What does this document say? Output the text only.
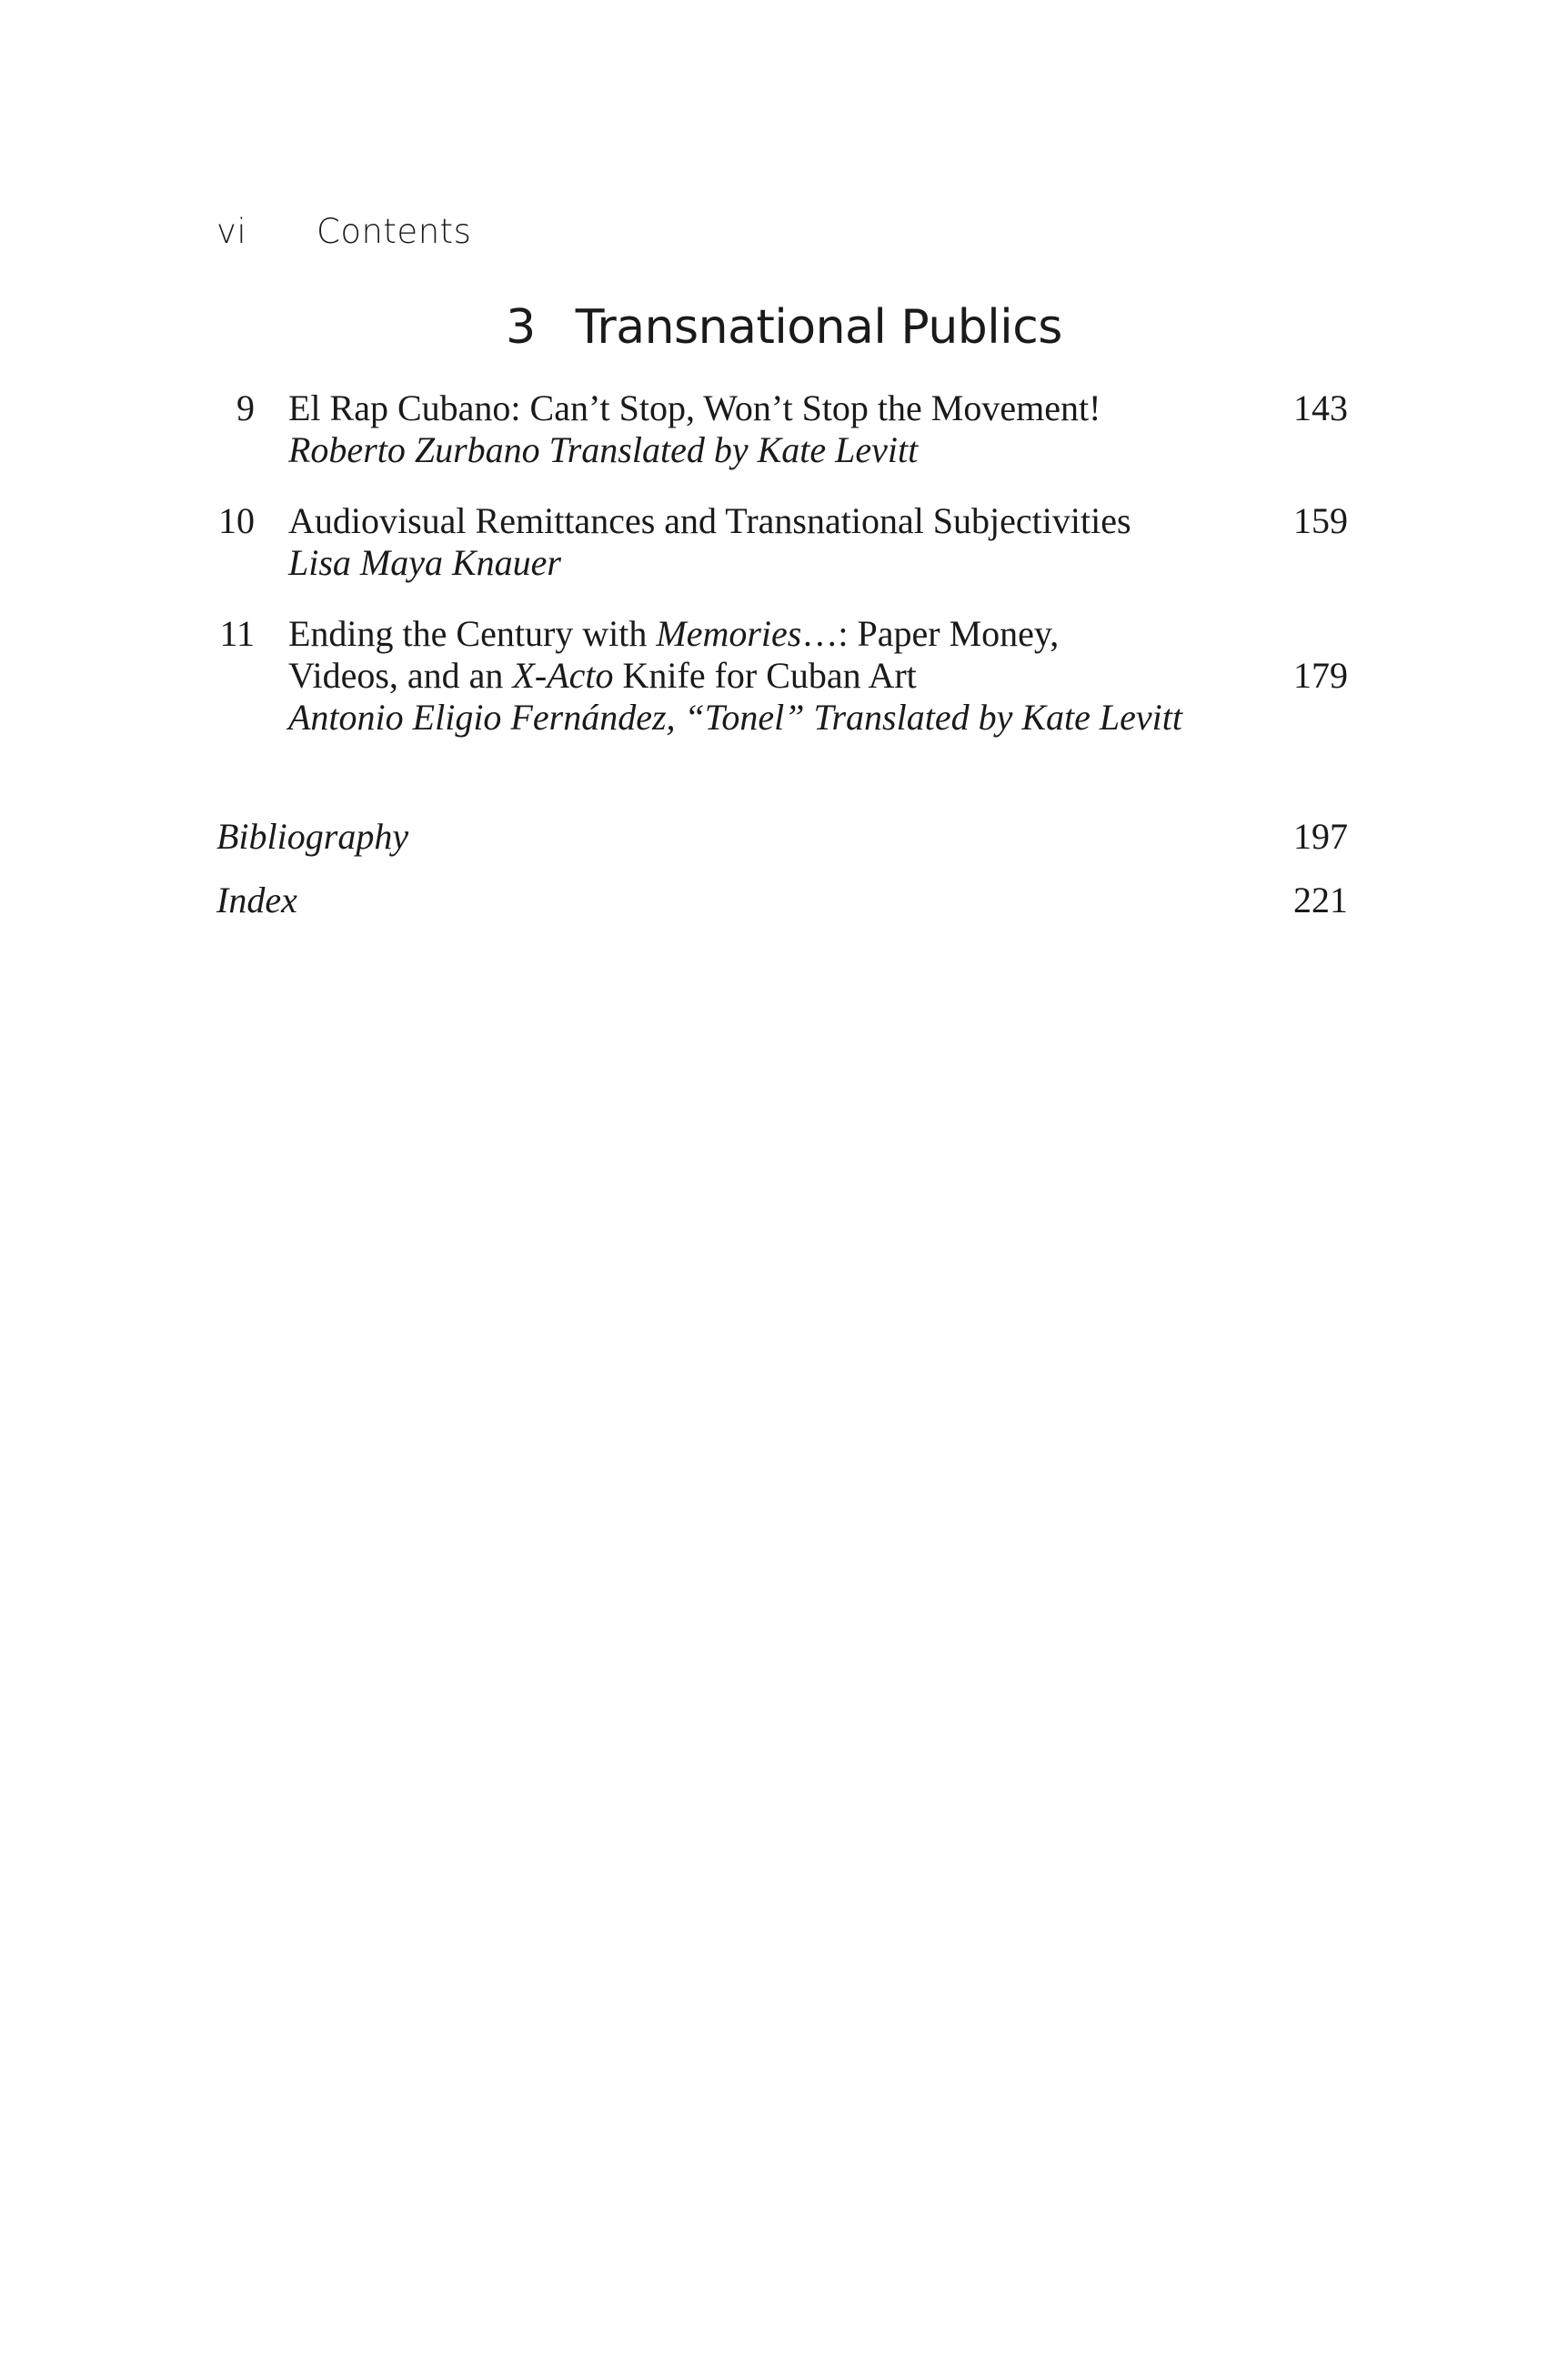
vi Contents
3 Transnational Publics
9 El Rap Cubano: Can’t Stop, Won’t Stop the Movement!	143
Roberto Zurbano Translated by Kate Levitt
10 Audiovisual Remittances and Transnational Subjectivities	159
Lisa Maya Knauer
11 Ending the Century with Memories…: Paper Money,
Videos, and an X-Acto Knife for Cuban Art	179
Antonio Eligio Fernández, “Tonel” Translated by Kate Levitt
Bibliography	197
Index	221
